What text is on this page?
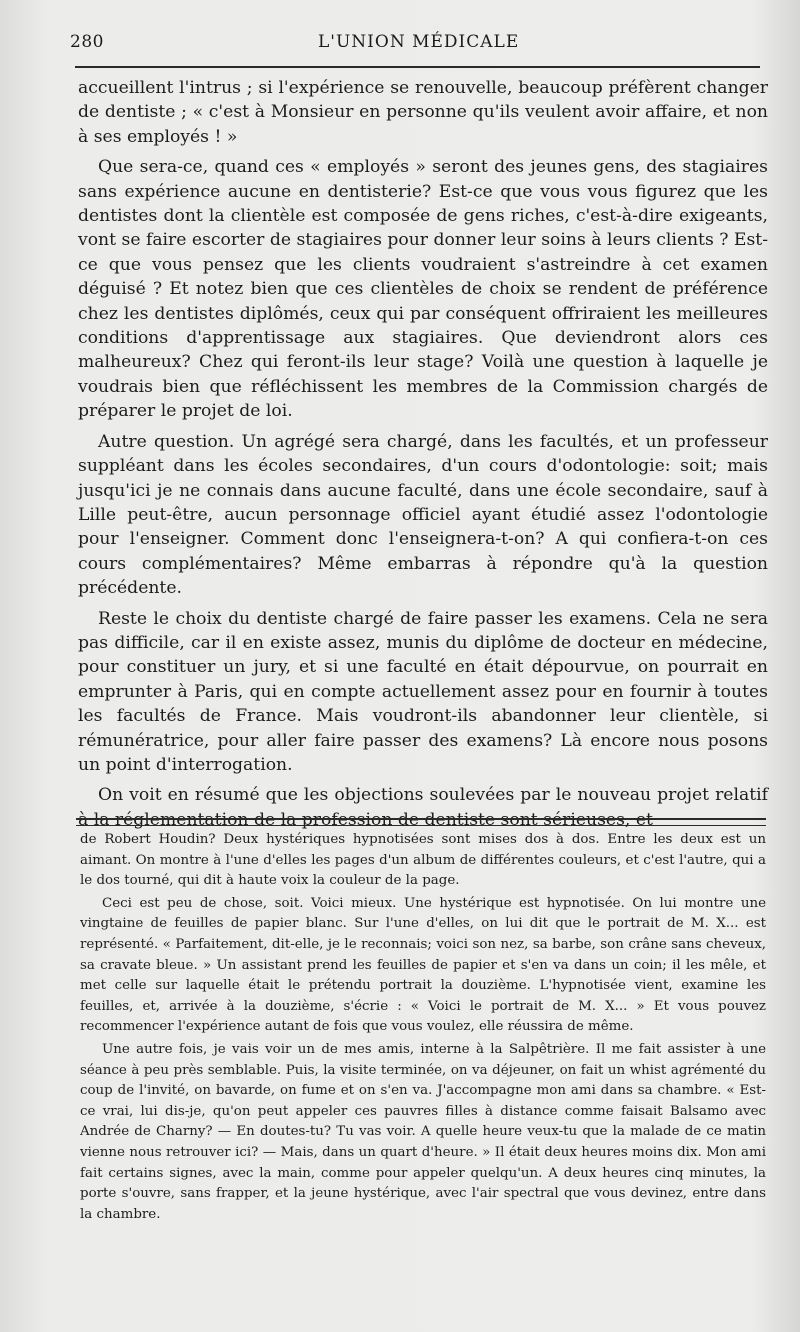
280	L'UNION MÉDICALE

accueillent l'intrus ; si l'expérience se renouvelle, beaucoup préfèrent changer de dentiste ; « c'est à Monsieur en personne qu'ils veulent avoir affaire, et non à ses employés ! »

Que sera-ce, quand ces « employés » seront des jeunes gens, des stagiaires sans expérience aucune en dentisterie? Est-ce que vous vous figurez que les dentistes dont la clientèle est composée de gens riches, c'est-à-dire exigeants, vont se faire escorter de stagiaires pour donner leur soins à leurs clients ? Est-ce que vous pensez que les clients voudraient s'astreindre à cet examen déguisé ? Et notez bien que ces clientèles de choix se rendent de préférence chez les dentistes diplômés, ceux qui par conséquent offriraient les meilleures conditions d'apprentissage aux stagiaires. Que deviendront alors ces malheureux? Chez qui feront-ils leur stage? Voilà une question à laquelle je voudrais bien que réfléchissent les membres de la Commission chargés de préparer le projet de loi.

Autre question. Un agrégé sera chargé, dans les facultés, et un professeur suppléant dans les écoles secondaires, d'un cours d'odontologie: soit; mais jusqu'ici je ne connais dans aucune faculté, dans une école secondaire, sauf à Lille peut-être, aucun personnage officiel ayant étudié assez l'odontologie pour l'enseigner. Comment donc l'enseignera-t-on? A qui confiera-t-on ces cours complémentaires? Même embarras à répondre qu'à la question précédente.

Reste le choix du dentiste chargé de faire passer les examens. Cela ne sera pas difficile, car il en existe assez, munis du diplôme de docteur en médecine, pour constituer un jury, et si une faculté en était dépourvue, on pourrait en emprunter à Paris, qui en compte actuellement assez pour en fournir à toutes les facultés de France. Mais voudront-ils abandonner leur clientèle, si rémunératrice, pour aller faire passer des examens? Là encore nous posons un point d'interrogation.

On voit en résumé que les objections soulevées par le nouveau projet relatif à la réglementation de la profession de dentiste sont sérieuses, et

de Robert Houdin? Deux hystériques hypnotisées sont mises dos à dos. Entre les deux est un aimant. On montre à l'une d'elles les pages d'un album de différentes couleurs, et c'est l'autre, qui a le dos tourné, qui dit à haute voix la couleur de la page.

Ceci est peu de chose, soit. Voici mieux. Une hystérique est hypnotisée. On lui montre une vingtaine de feuilles de papier blanc. Sur l'une d'elles, on lui dit que le portrait de M. X... est représenté. « Parfaitement, dit-elle, je le reconnais; voici son nez, sa barbe, son crâne sans cheveux, sa cravate bleue. » Un assistant prend les feuilles de papier et s'en va dans un coin; il les mêle, et met celle sur laquelle était le prétendu portrait la douzième. L'hypnotisée vient, examine les feuilles, et, arrivée à la douzième, s'écrie : « Voici le portrait de M. X... » Et vous pouvez recommencer l'expérience autant de fois que vous voulez, elle réussira de même.

Une autre fois, je vais voir un de mes amis, interne à la Salpêtrière. Il me fait assister à une séance à peu près semblable. Puis, la visite terminée, on va déjeuner, on fait un whist agrémenté du coup de l'invité, on bavarde, on fume et on s'en va. J'accompagne mon ami dans sa chambre. « Est-ce vrai, lui dis-je, qu'on peut appeler ces pauvres filles à distance comme faisait Balsamo avec Andrée de Charny? — En doutes-tu? Tu vas voir. A quelle heure veux-tu que la malade de ce matin vienne nous retrouver ici? — Mais, dans un quart d'heure. » Il était deux heures moins dix. Mon ami fait certains signes, avec la main, comme pour appeler quelqu'un. A deux heures cinq minutes, la porte s'ouvre, sans frapper, et la jeune hystérique, avec l'air spectral que vous devinez, entre dans la chambre.
